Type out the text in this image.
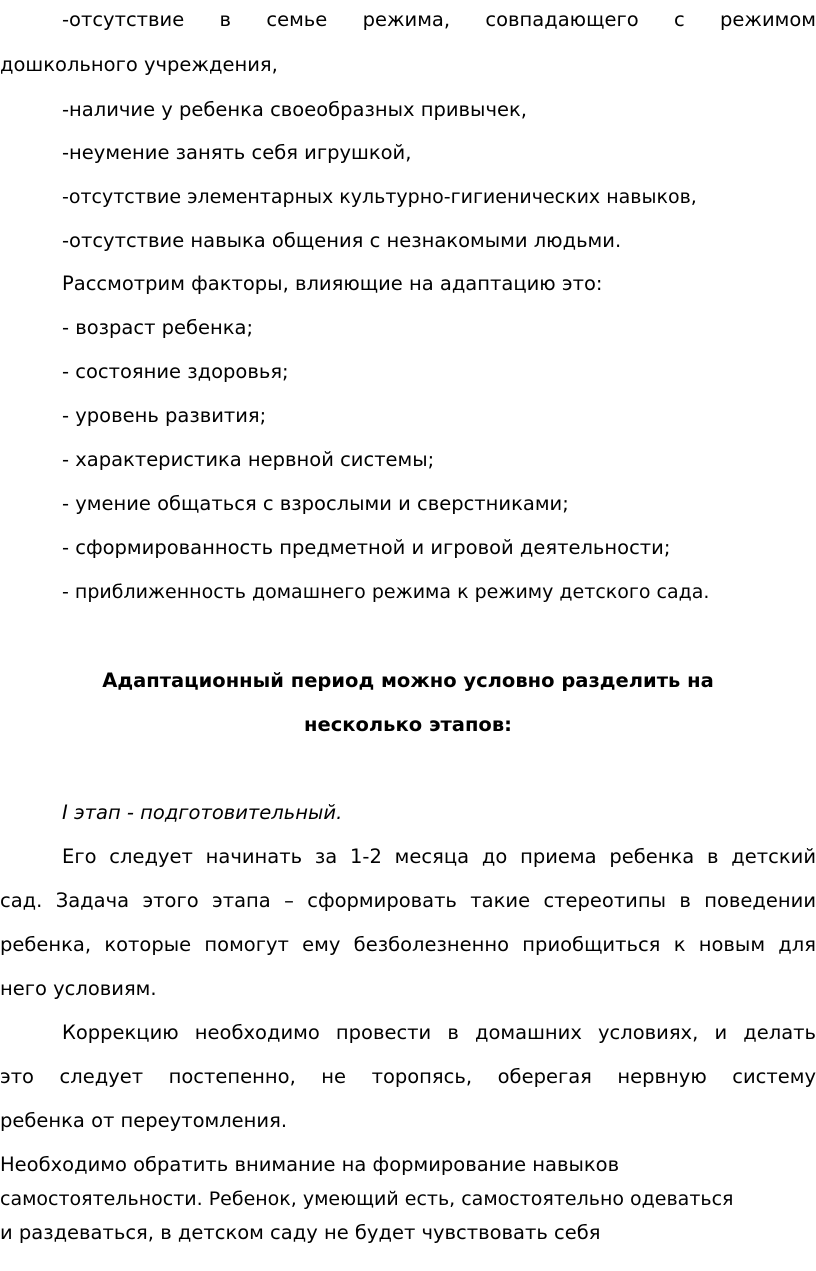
-отсутствие в семье режима, совпадающего с режимом
дошкольного учреждения,
-наличие у ребенка своеобразных привычек,
-неумение занять себя игрушкой,
-отсутствие элементарных культурно-гигиенических навыков,
-отсутствие навыка общения с незнакомыми людьми.
Рассмотрим факторы, влияющие на адаптацию это:
- возраст ребенка;
- состояние здоровья;
- уровень развития;
- характеристика нервной системы;
- умение общаться с взрослыми и сверстниками;
- сформированность предметной и игровой деятельности;
- приближенность домашнего режима к режиму детского сада.
Адаптационный период можно условно разделить на
несколько этапов:
I этап - подготовительный.
Его следует начинать за 1-2 месяца до приема ребенка в детский
сад. Задача этого этапа – сформировать такие стереотипы в поведении
ребенка, которые помогут ему безболезненно приобщиться к новым для
него условиям.
Коррекцию необходимо провести в домашних условиях, и делать
это следует постепенно, не торопясь, оберегая нервную систему
ребенка от переутомления.
Необходимо обратить внимание на формирование навыков
самостоятельности. Ребенок, умеющий есть, самостоятельно одеваться
и раздеваться, в детском саду не будет чувствовать себя
